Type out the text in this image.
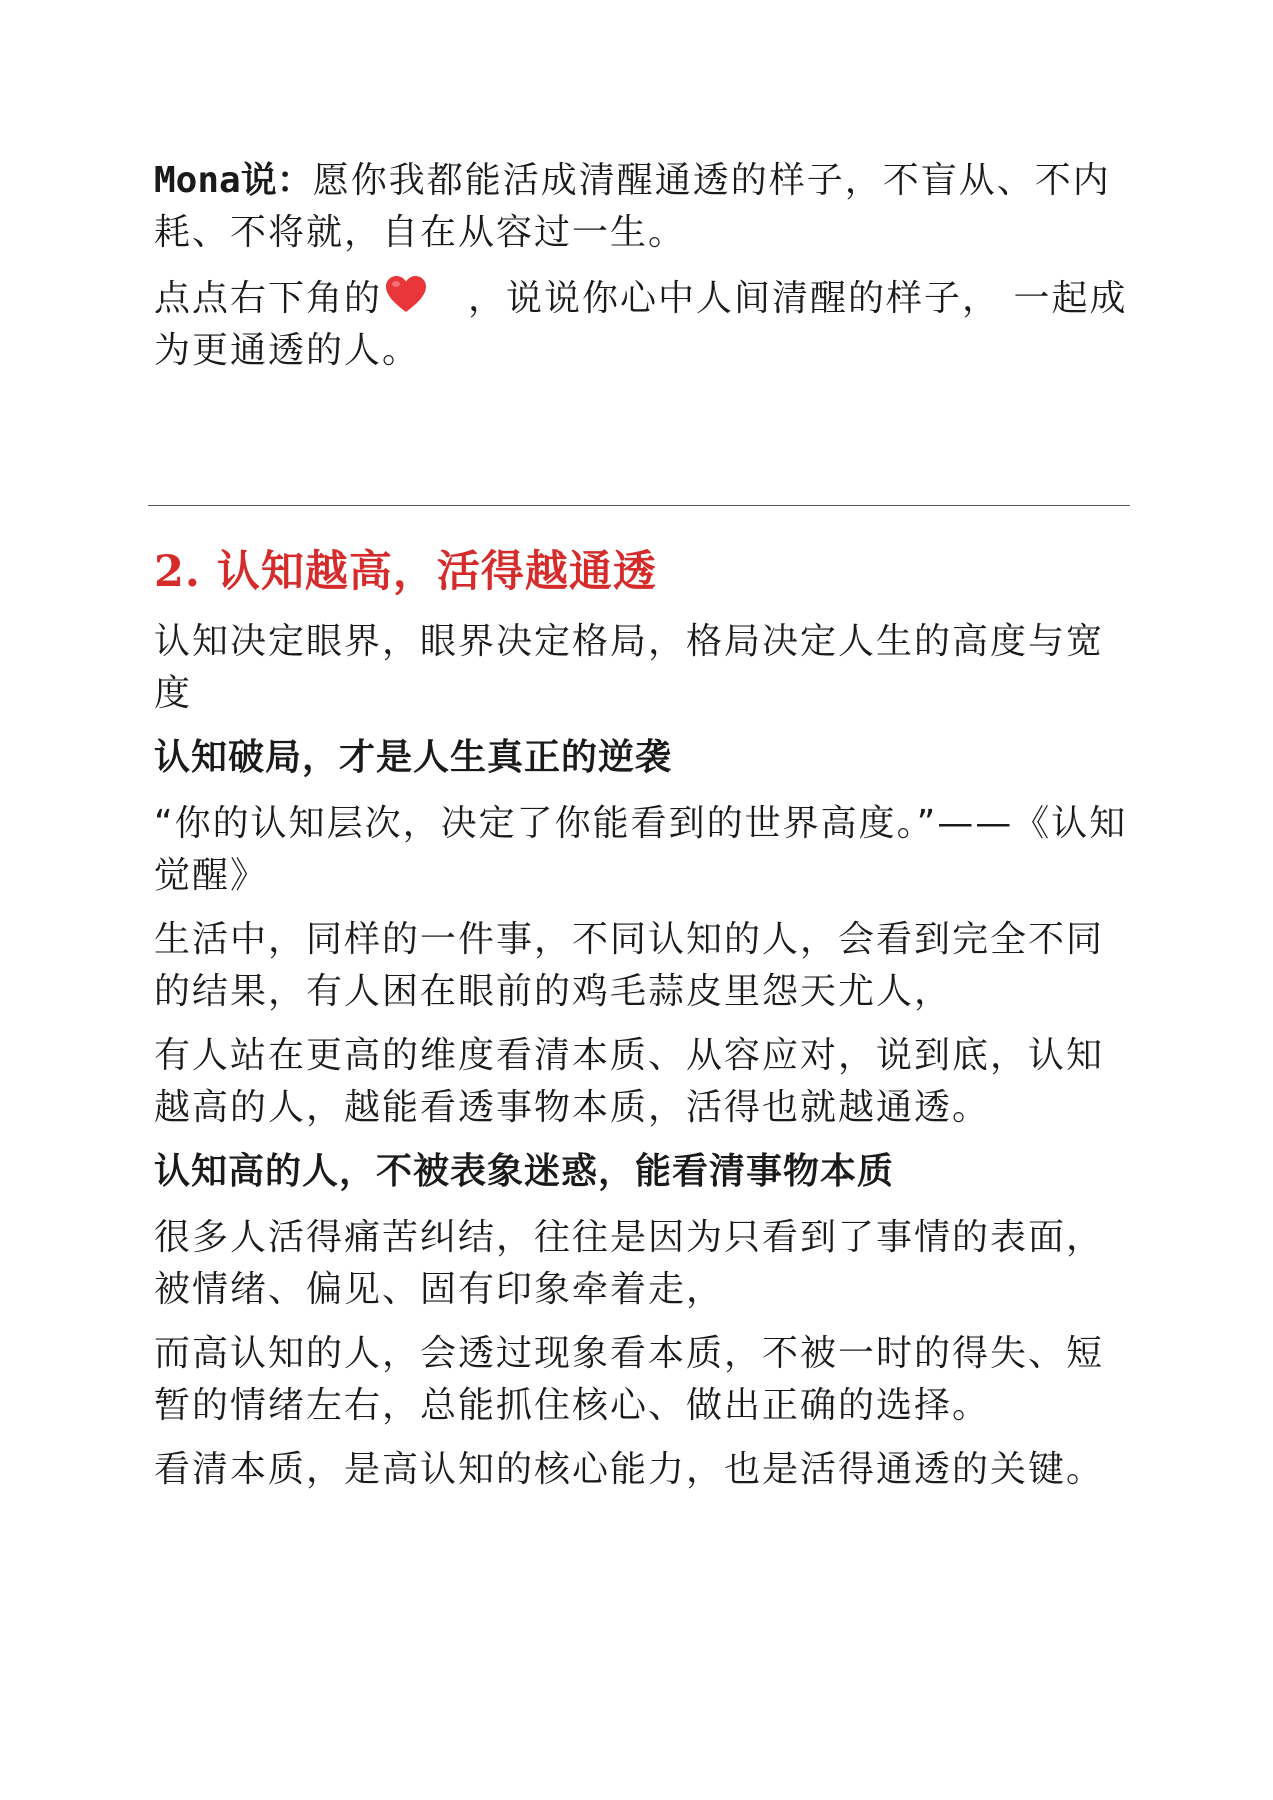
Mona说：愿你我都能活成清醒通透的样子，不盲从、不内 耗、不将就，自在从容过一生。

点点右下角的 ，说说你心中人间清醒的样子， 一起成为更通透的人。

2. 认知越高，活得越通透

认知决定眼界，眼界决定格局，格局决定人生的高度与宽度

认知破局，才是人生真正的逆袭

“你的认知层次，决定了你能看到的世界高度。”——《认知觉醒》

生活中，同样的一件事，不同认知的人，会看到完全不同的结果，有人困在眼前的鸡毛蒜皮里怨天尤人，

有人站在更高的维度看清本质、从容应对，说到底，认知越高的人，越能看透事物本质，活得也就越通透。

认知高的人，不被表象迷惑，能看清事物本质

很多人活得痛苦纠结，往往是因为只看到了事情的表面，被情绪、偏见、固有印象牵着走，

而高认知的人，会透过现象看本质，不被一时的得失、短暂的情绪左右，总能抓住核心、做出正确的选择。

看清本质，是高认知的核心能力，也是活得通透的关键。
